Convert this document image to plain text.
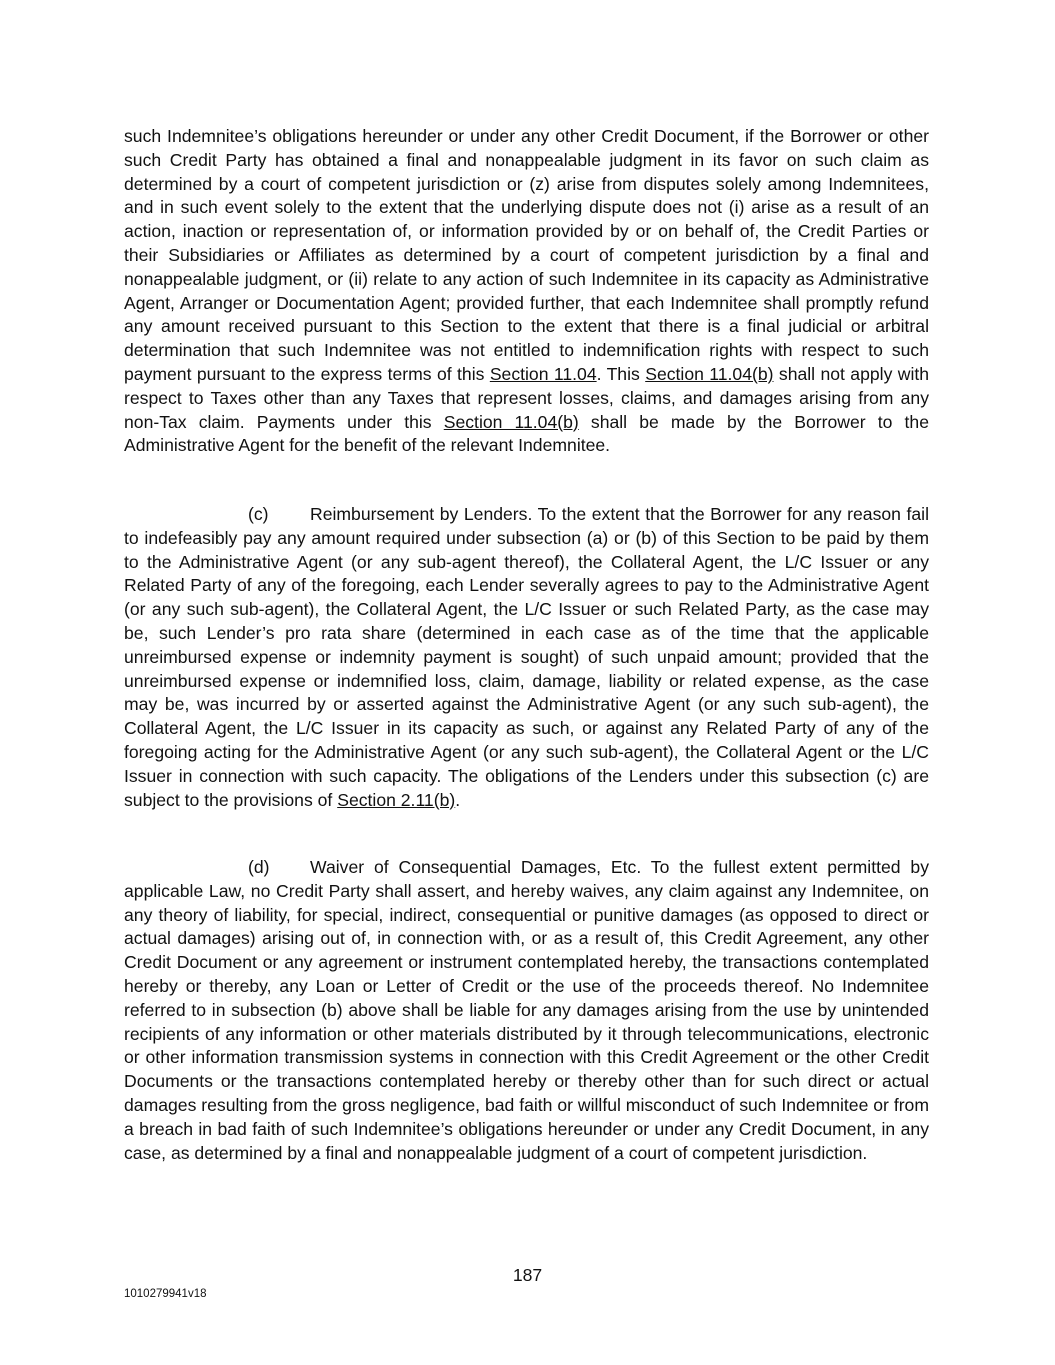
such Indemnitee’s obligations hereunder or under any other Credit Document, if the Borrower or other such Credit Party has obtained a final and nonappealable judgment in its favor on such claim as determined by a court of competent jurisdiction or (z) arise from disputes solely among Indemnitees, and in such event solely to the extent that the underlying dispute does not (i) arise as a result of an action, inaction or representation of, or information provided by or on behalf of, the Credit Parties or their Subsidiaries or Affiliates as determined by a court of competent jurisdiction by a final and nonappealable judgment, or (ii) relate to any action of such Indemnitee in its capacity as Administrative Agent, Arranger or Documentation Agent; provided further, that each Indemnitee shall promptly refund any amount received pursuant to this Section to the extent that there is a final judicial or arbitral determination that such Indemnitee was not entitled to indemnification rights with respect to such payment pursuant to the express terms of this Section 11.04. This Section 11.04(b) shall not apply with respect to Taxes other than any Taxes that represent losses, claims, and damages arising from any non-Tax claim. Payments under this Section 11.04(b) shall be made by the Borrower to the Administrative Agent for the benefit of the relevant Indemnitee.

(c) Reimbursement by Lenders. To the extent that the Borrower for any reason fail to indefeasibly pay any amount required under subsection (a) or (b) of this Section to be paid by them to the Administrative Agent (or any sub-agent thereof), the Collateral Agent, the L/C Issuer or any Related Party of any of the foregoing, each Lender severally agrees to pay to the Administrative Agent (or any such sub-agent), the Collateral Agent, the L/C Issuer or such Related Party, as the case may be, such Lender’s pro rata share (determined in each case as of the time that the applicable unreimbursed expense or indemnity payment is sought) of such unpaid amount; provided that the unreimbursed expense or indemnified loss, claim, damage, liability or related expense, as the case may be, was incurred by or asserted against the Administrative Agent (or any such sub-agent), the Collateral Agent, the L/C Issuer in its capacity as such, or against any Related Party of any of the foregoing acting for the Administrative Agent (or any such sub-agent), the Collateral Agent or the L/C Issuer in connection with such capacity. The obligations of the Lenders under this subsection (c) are subject to the provisions of Section 2.11(b).

(d) Waiver of Consequential Damages, Etc. To the fullest extent permitted by applicable Law, no Credit Party shall assert, and hereby waives, any claim against any Indemnitee, on any theory of liability, for special, indirect, consequential or punitive damages (as opposed to direct or actual damages) arising out of, in connection with, or as a result of, this Credit Agreement, any other Credit Document or any agreement or instrument contemplated hereby, the transactions contemplated hereby or thereby, any Loan or Letter of Credit or the use of the proceeds thereof. No Indemnitee referred to in subsection (b) above shall be liable for any damages arising from the use by unintended recipients of any information or other materials distributed by it through telecommunications, electronic or other information transmission systems in connection with this Credit Agreement or the other Credit Documents or the transactions contemplated hereby or thereby other than for such direct or actual damages resulting from the gross negligence, bad faith or willful misconduct of such Indemnitee or from a breach in bad faith of such Indemnitee’s obligations hereunder or under any Credit Document, in any case, as determined by a final and nonappealable judgment of a court of competent jurisdiction.

187
1010279941v18
